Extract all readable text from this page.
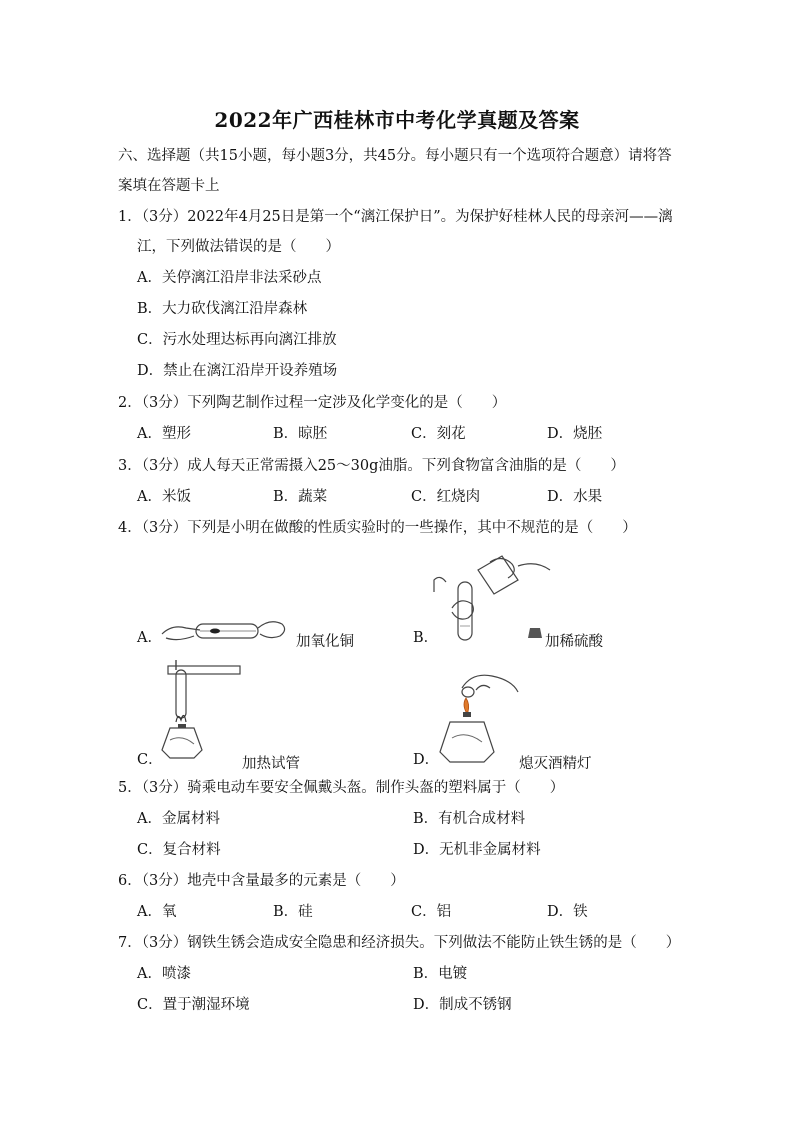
2022年广西桂林市中考化学真题及答案
六、选择题（共15小题，每小题3分，共45分。每小题只有一个选项符合题意）请将答
案填在答题卡上
1．（3分）2022年4月25日是第一个“漓江保护日”。为保护好桂林人民的母亲河——漓
江，下列做法错误的是（　　）
A．关停漓江沿岸非法采砂点
B．大力砍伐漓江沿岸森林
C．污水处理达标再向漓江排放
D．禁止在漓江沿岸开设养殖场
2．（3分）下列陶艺制作过程一定涉及化学变化的是（　　）
A．塑形	B．晾胚	C．刻花	D．烧胚
3．（3分）成人每天正常需摄入25～30g油脂。下列食物富含油脂的是（　　）
A．米饭	B．蔬菜	C．红烧肉	D．水果
4．（3分）下列是小明在做酸的性质实验时的一些操作，其中不规范的是（　　）
A．	加氧化铜	B．	加稀硫酸
C．	加热试管	D．	熄灭酒精灯
5．（3分）骑乘电动车要安全佩戴头盔。制作头盔的塑料属于（　　）
A．金属材料	B．有机合成材料
C．复合材料	D．无机非金属材料
6．（3分）地壳中含量最多的元素是（　　）
A．氧	B．硅	C．铝	D．铁
7．（3分）钢铁生锈会造成安全隐患和经济损失。下列做法不能防止铁生锈的是（　　）
A．喷漆	B．电镀
C．置于潮湿环境	D．制成不锈钢
